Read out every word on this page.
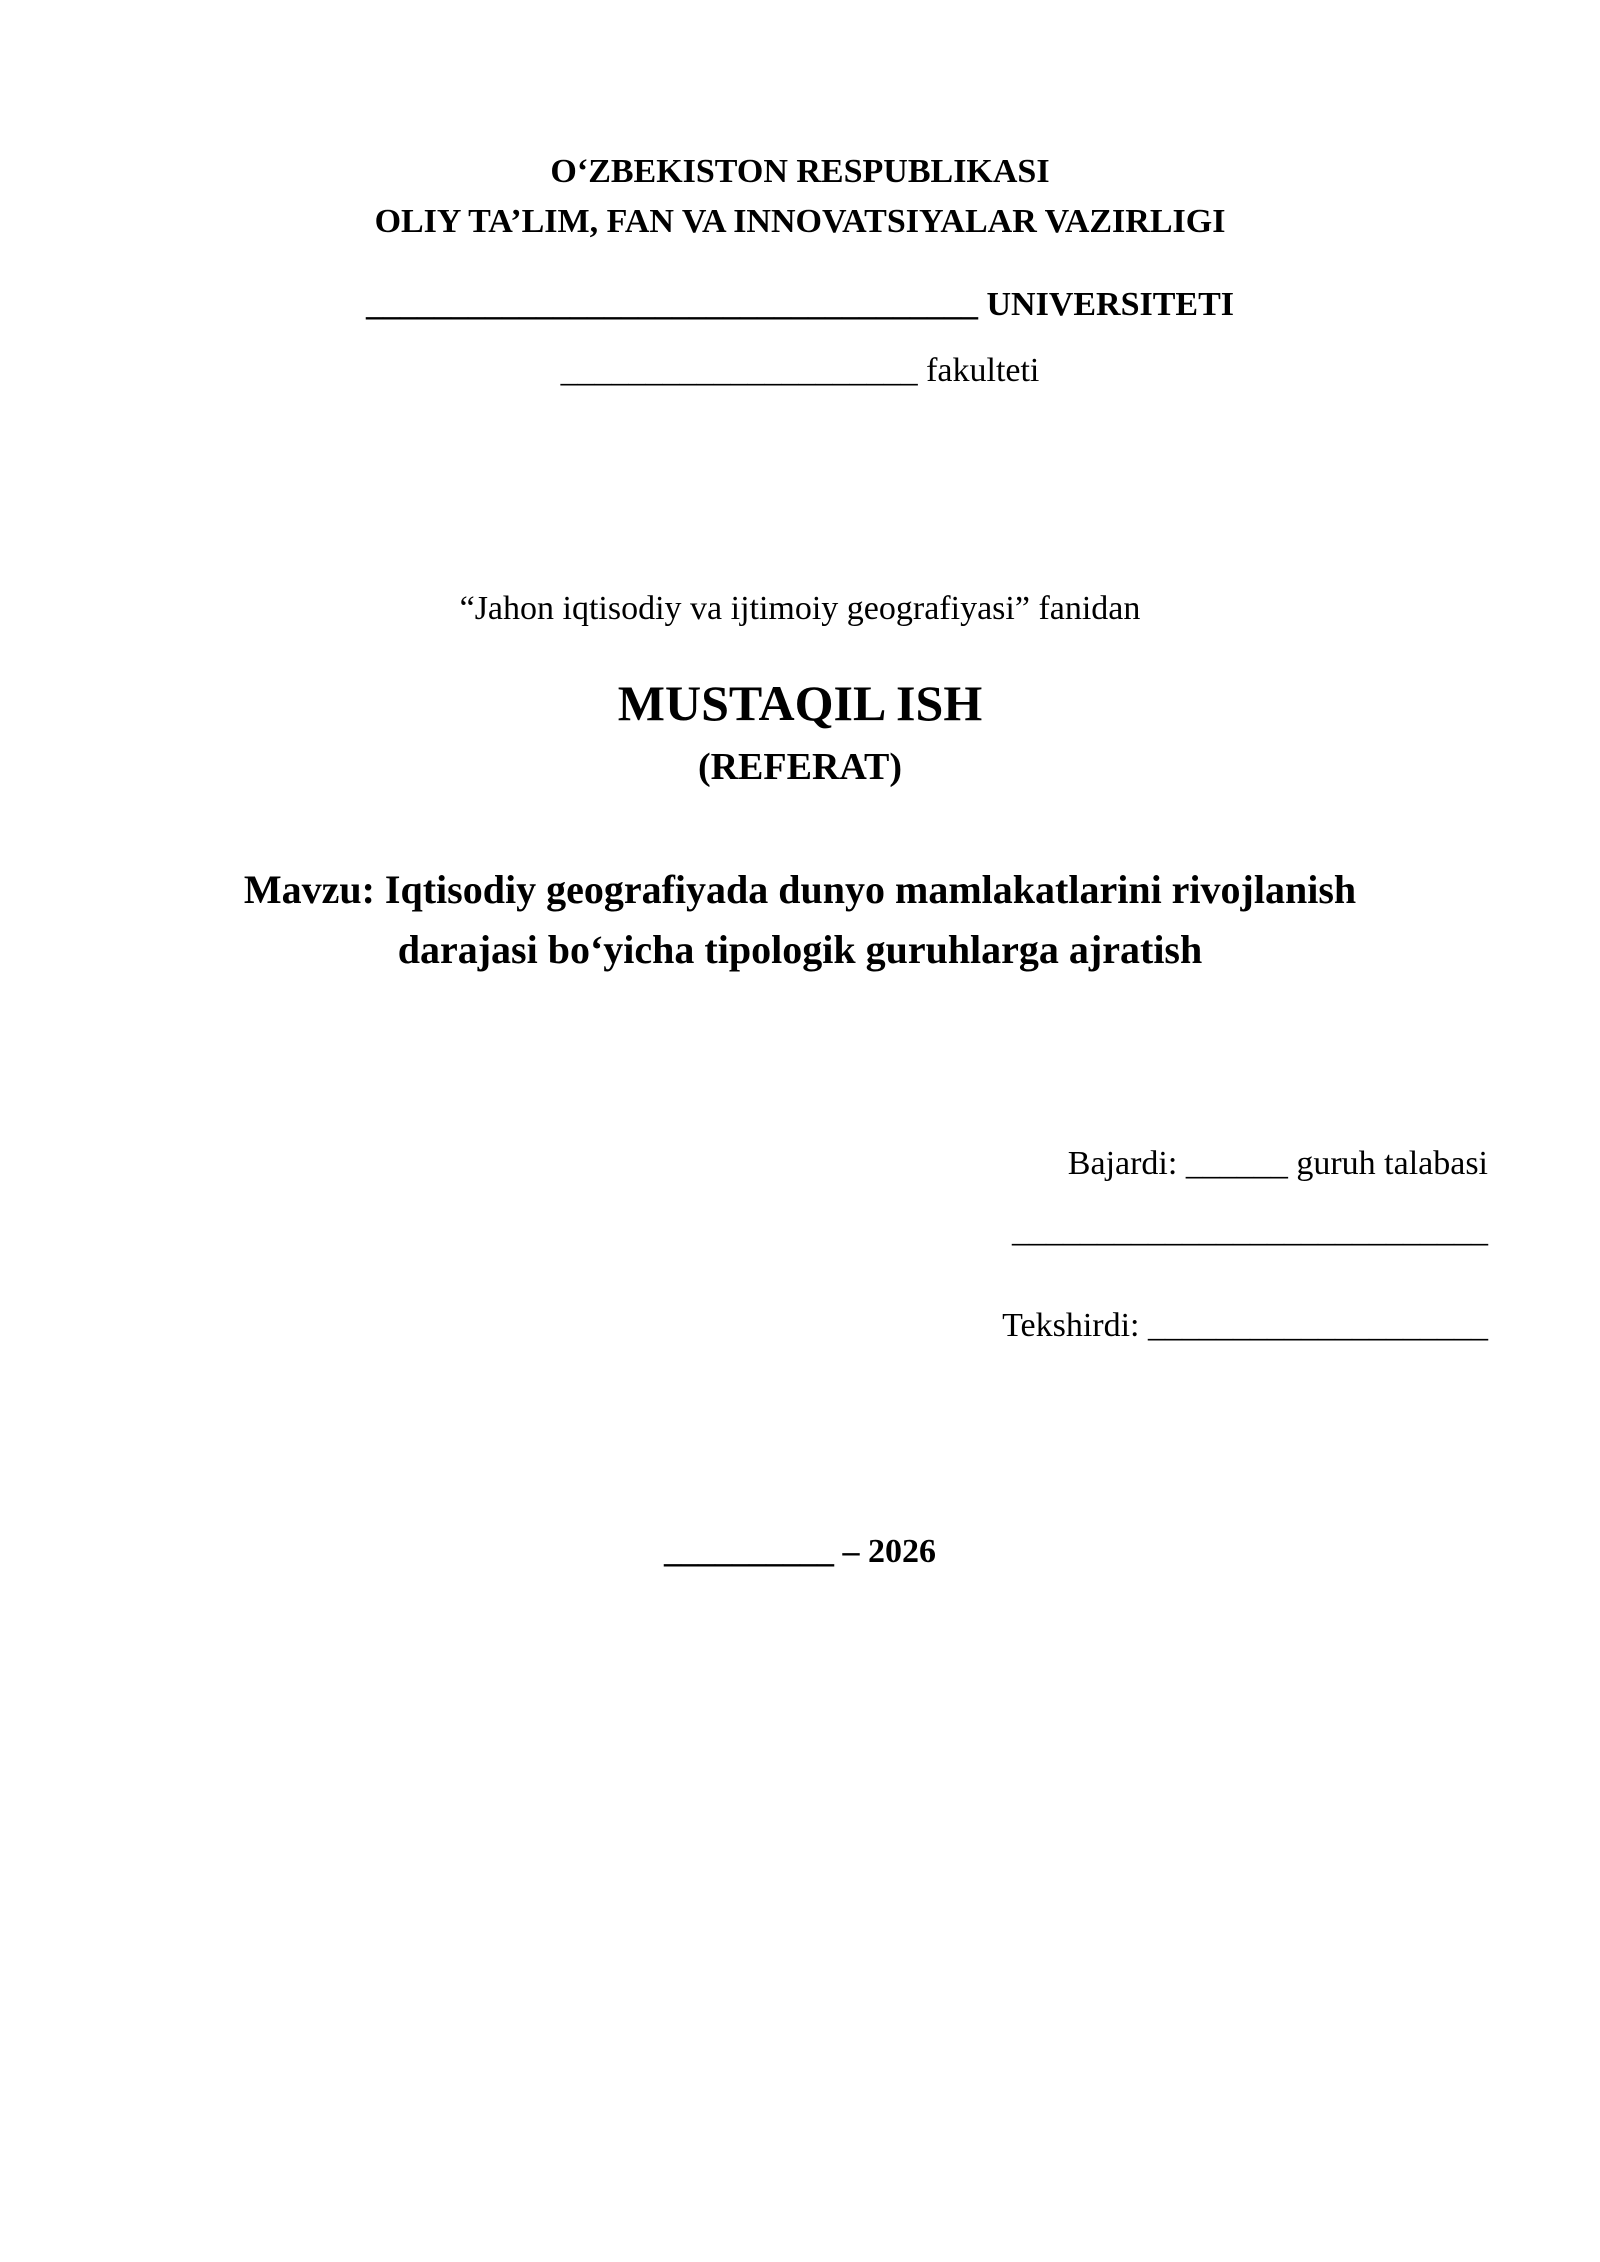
O‘ZBEKISTON RESPUBLIKASI
OLIY TA’LIM, FAN VA INNOVATSIYALAR VAZIRLIGI
____________________________________ UNIVERSITETI
_____________________ fakulteti
“Jahon iqtisodiy va ijtimoiy geografiyasi” fanidan
MUSTAQIL ISH
(REFERAT)
Mavzu: Iqtisodiy geografiyada dunyo mamlakatlarini rivojlanish
darajasi bo‘yicha tipologik guruhlarga ajratish
Bajardi: ______ guruh talabasi
____________________________
Tekshirdi: ____________________
__________ – 2026
